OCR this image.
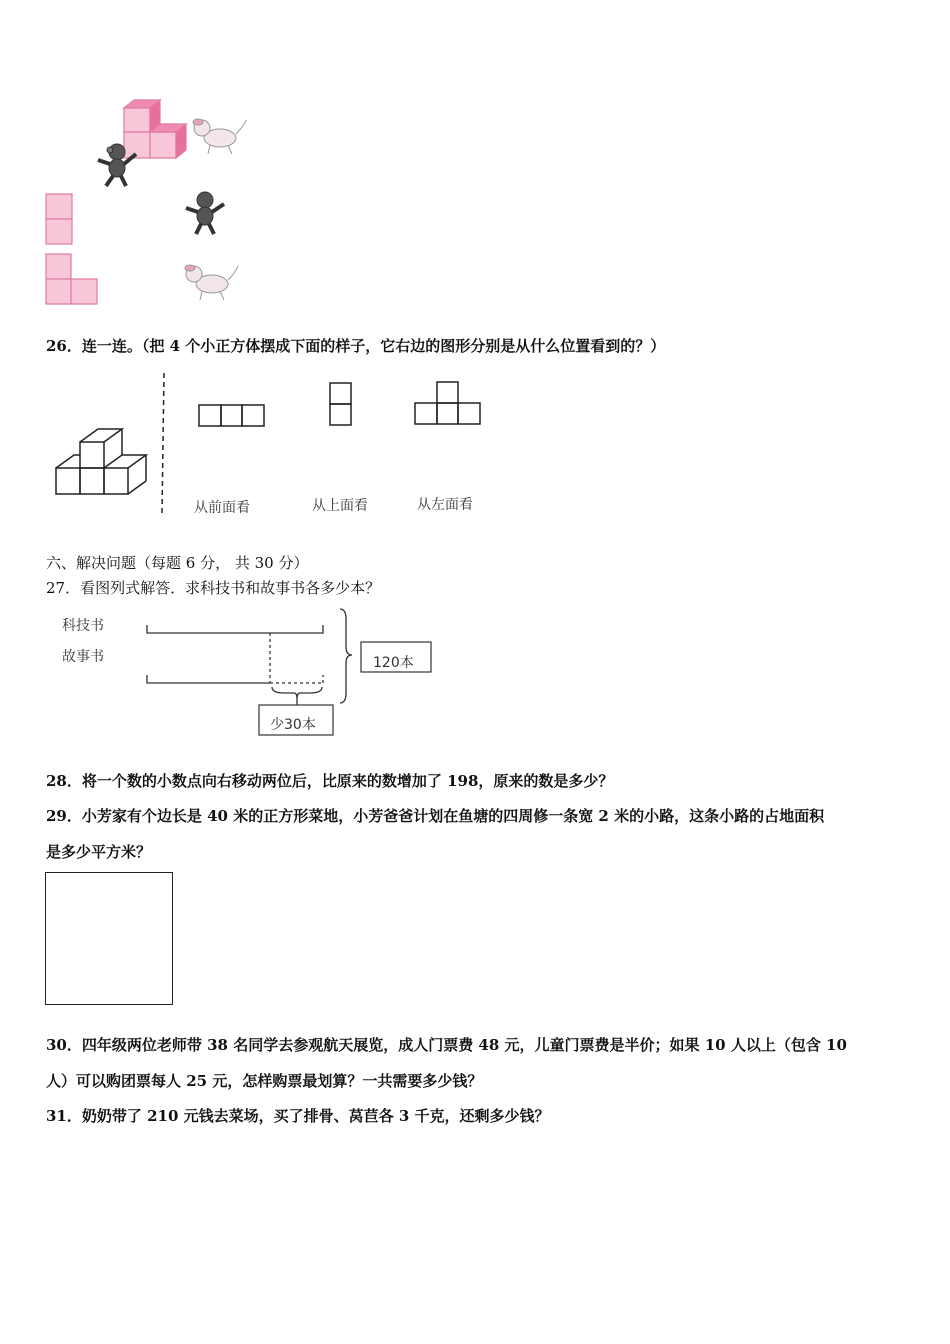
26．连一连。（把 4 个小正方体摆成下面的样子，它右边的图形分别是从什么位置看到的？）
从前面看	从上面看	从左面看
六、解决问题（每题 6 分， 共 30 分）
27．看图列式解答．求科技书和故事书各多少本？
科技书
故事书	120本
少30本
28．将一个数的小数点向右移动两位后，比原来的数增加了 198，原来的数是多少？
29．小芳家有个边长是 40 米的正方形菜地，小芳爸爸计划在鱼塘的四周修一条宽 2 米的小路，这条小路的占地面积
是多少平方米？
30．四年级两位老师带 38 名同学去参观航天展览，成人门票费 48 元，儿童门票费是半价；如果 10 人以上（包含 10
人）可以购团票每人 25 元，怎样购票最划算？一共需要多少钱？
31．奶奶带了 210 元钱去菜场，买了排骨、莴苣各 3 千克，还剩多少钱？
